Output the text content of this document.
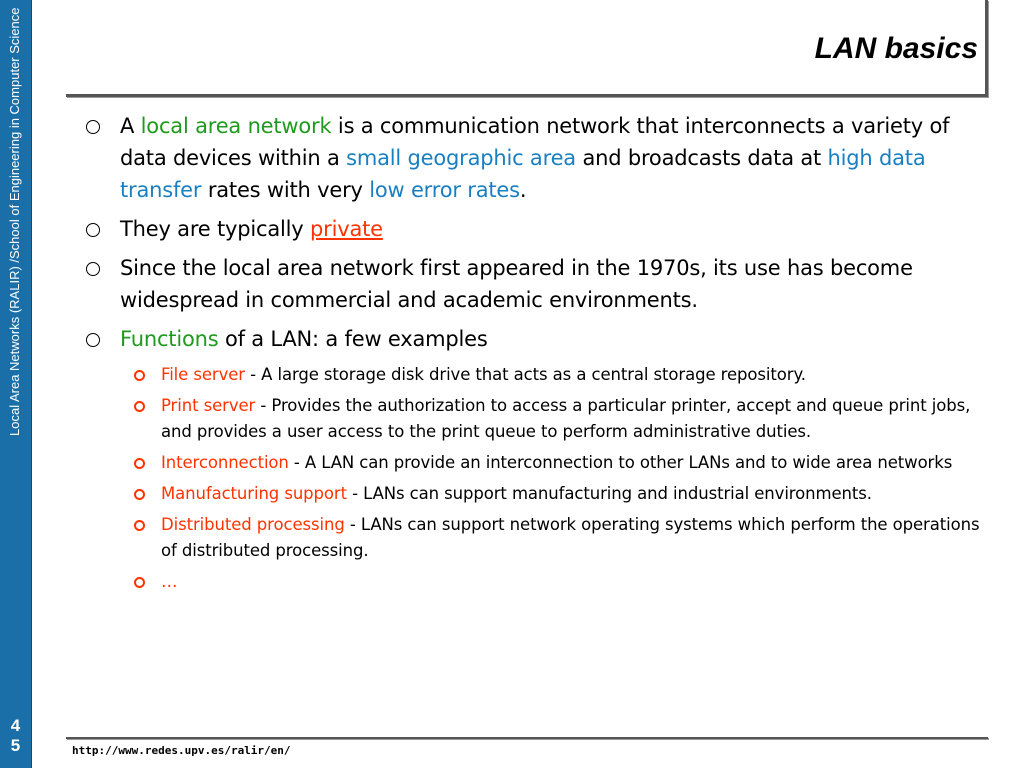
Local Area Networks (RALIR) /School of Engineering in Computer Science
4
5
LAN basics
A local area network is a communication network that interconnects a variety of data devices within a small geographic area and broadcasts data at high data transfer rates with very low error rates.
They are typically private
Since the local area network first appeared in the 1970s, its use has become widespread in commercial and academic environments.
Functions of a LAN: a few examples
File server - A large storage disk drive that acts as a central storage repository.
Print server - Provides the authorization to access a particular printer, accept and queue print jobs, and provides a user access to the print queue to perform administrative duties.
Interconnection - A LAN can provide an interconnection to other LANs and to wide area networks
Manufacturing support - LANs can support manufacturing and industrial environments.
Distributed processing - LANs can support network operating systems which perform the operations of distributed processing.
…
http://www.redes.upv.es/ralir/en/
